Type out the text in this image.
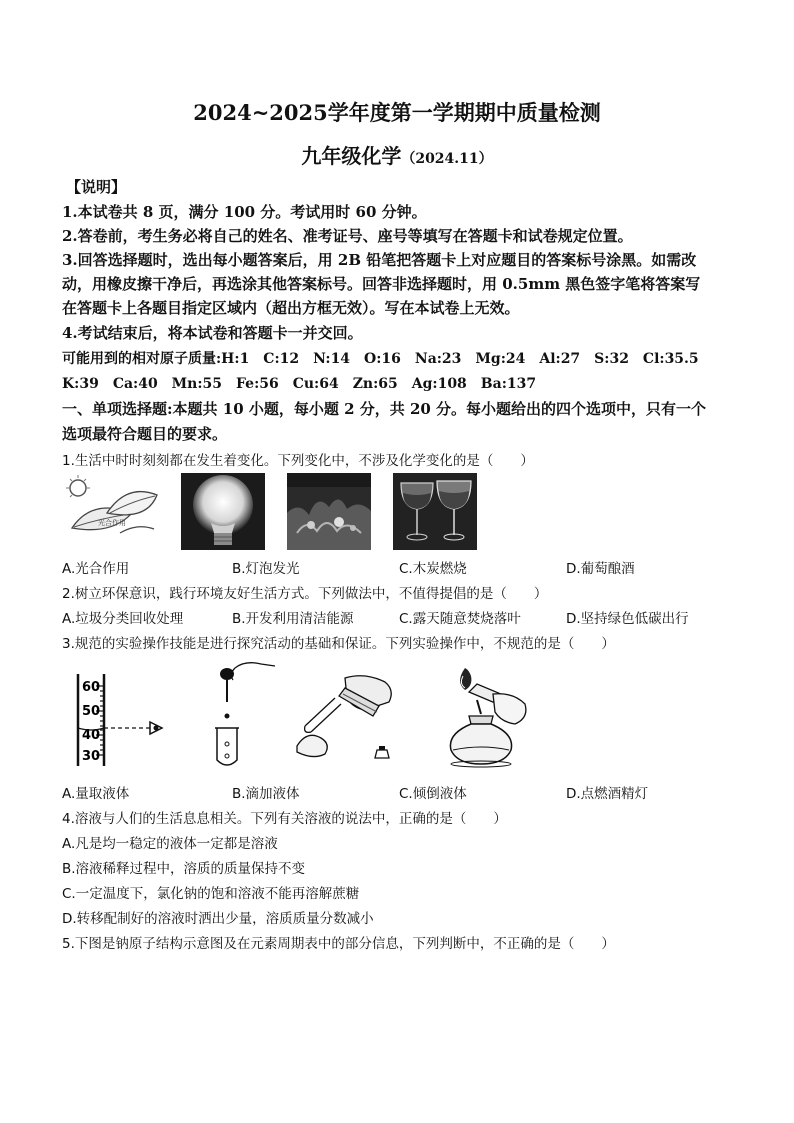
2024~2025学年度第一学期期中质量检测
九年级化学（2024.11）
【说明】
1.本试卷共 8 页，满分 100 分。考试用时 60 分钟。
2.答卷前，考生务必将自己的姓名、准考证号、座号等填写在答题卡和试卷规定位置。
3.回答选择题时，选出每小题答案后，用 2B 铅笔把答题卡上对应题目的答案标号涂黑。如需改
动，用橡皮擦干净后，再选涂其他答案标号。回答非选择题时，用 0.5mm 黑色签字笔将答案写
在答题卡上各题目指定区域内（超出方框无效）。写在本试卷上无效。
4.考试结束后，将本试卷和答题卡一并交回。
可能用到的相对原子质量:H:1　C:12　N:14　O:16　Na:23　Mg:24　Al:27　S:32　Cl:35.5
K:39　Ca:40　Mn:55　Fe:56　Cu:64　Zn:65　Ag:108　Ba:137
一、单项选择题:本题共 10 小题，每小题 2 分，共 20 分。每小题给出的四个选项中，只有一个
选项最符合题目的要求。
1.生活中时时刻刻都在发生着变化。下列变化中，不涉及化学变化的是（　　）
光合作用
A.光合作用	B.灯泡发光	C.木炭燃烧	D.葡萄酿酒
2.树立环保意识，践行环境友好生活方式。下列做法中，不值得提倡的是（　　）
A.垃圾分类回收处理	B.开发利用清洁能源	C.露天随意焚烧落叶	D.坚持绿色低碳出行
3.规范的实验操作技能是进行探究活动的基础和保证。下列实验操作中，不规范的是（　　）
60
50
40
30
A.量取液体	B.滴加液体	C.倾倒液体	D.点燃酒精灯
4.溶液与人们的生活息息相关。下列有关溶液的说法中，正确的是（　　）
A.凡是均一稳定的液体一定都是溶液
B.溶液稀释过程中，溶质的质量保持不变
C.一定温度下，氯化钠的饱和溶液不能再溶解蔗糖
D.转移配制好的溶液时洒出少量，溶质质量分数减小
5.下图是钠原子结构示意图及在元素周期表中的部分信息，下列判断中，不正确的是（　　）
